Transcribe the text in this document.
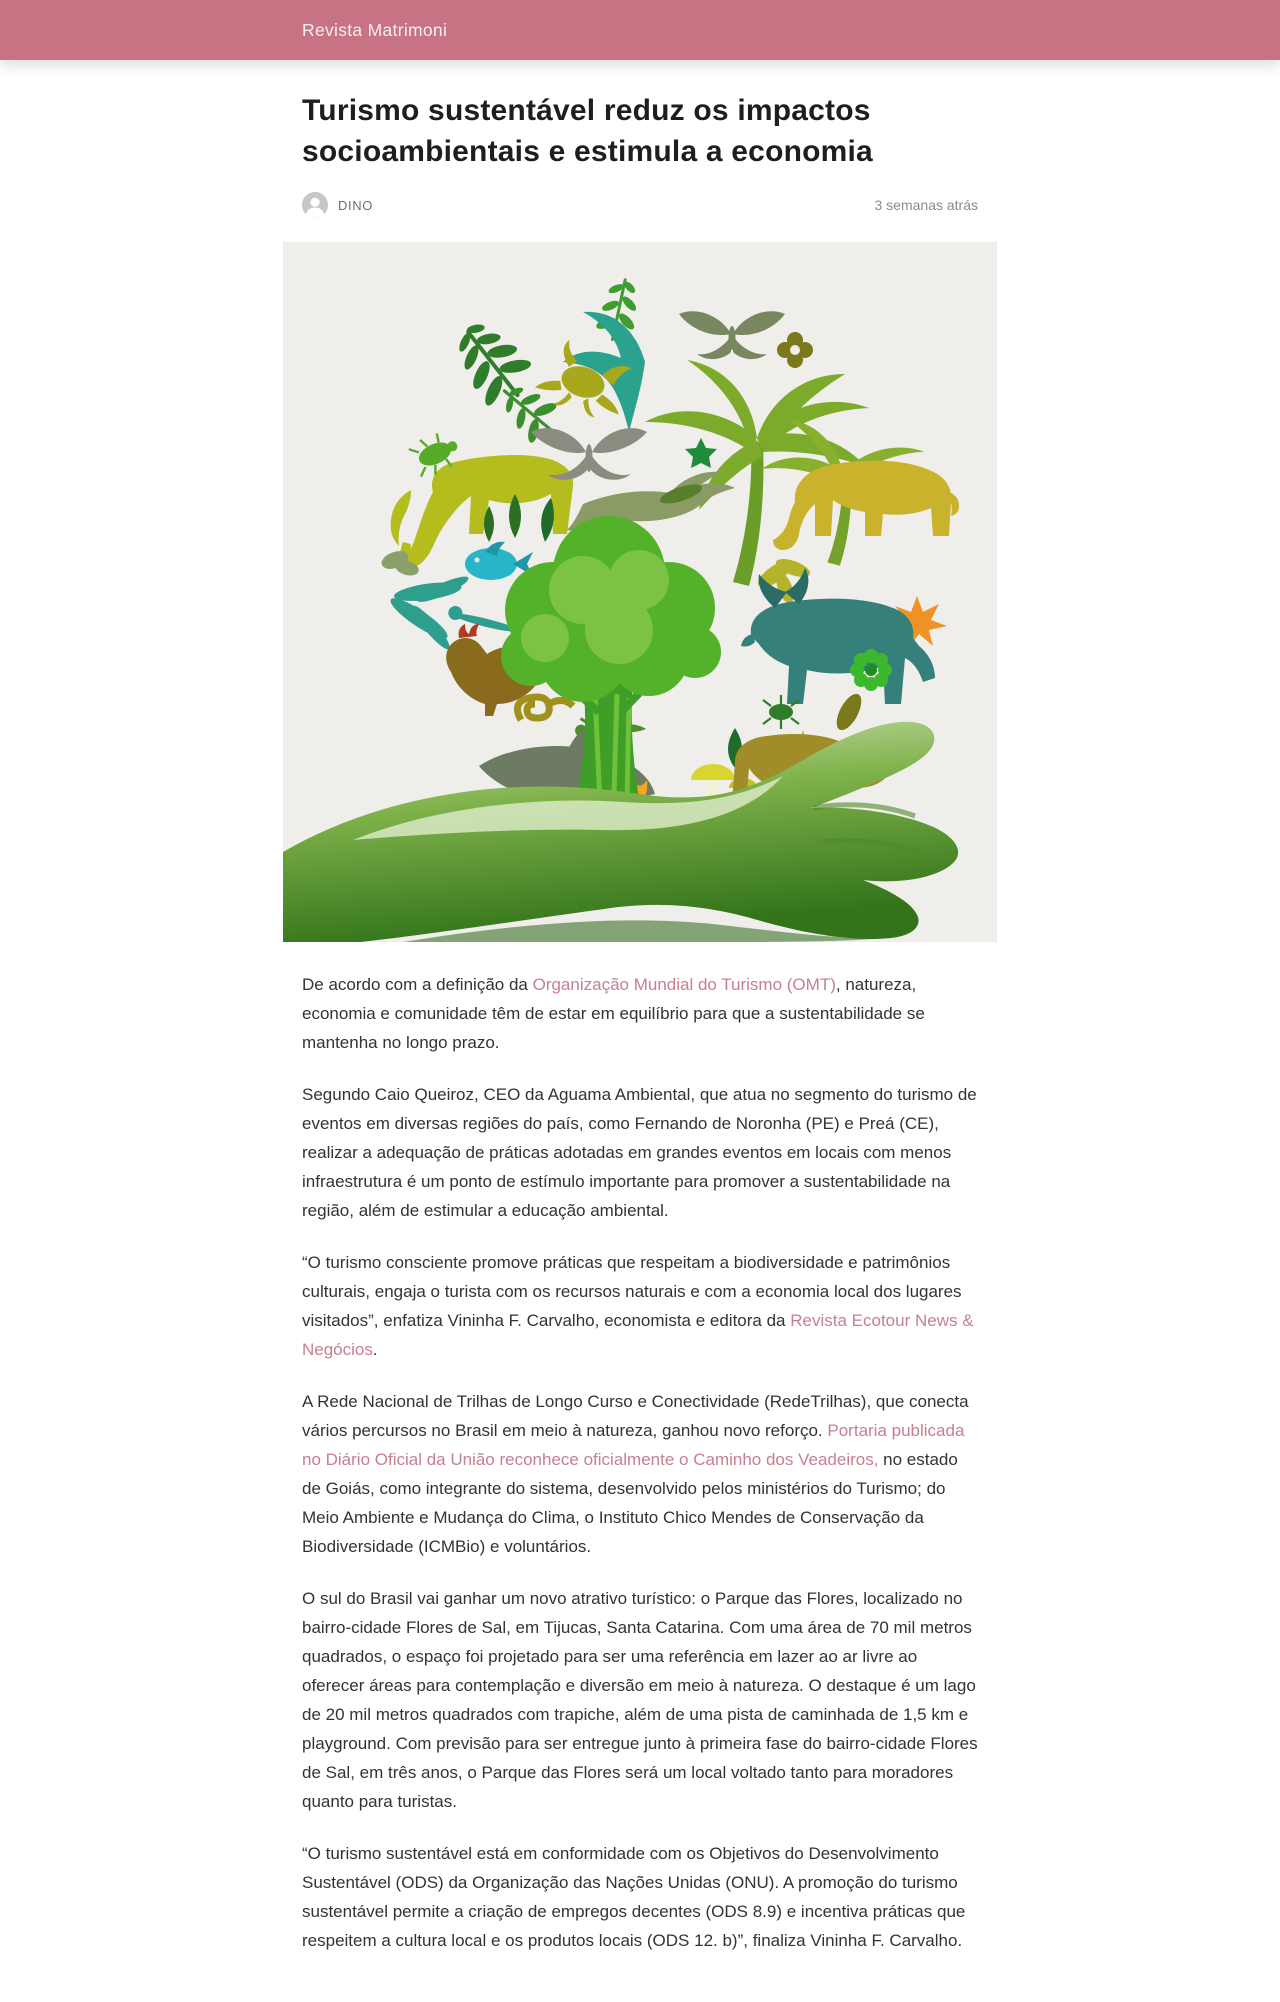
Revista Matrimoni
Turismo sustentável reduz os impactos socioambientais e estimula a economia
DINO	3 semanas atrás

De acordo com a definição da Organização Mundial do Turismo (OMT), natureza, economia e comunidade têm de estar em equilíbrio para que a sustentabilidade se mantenha no longo prazo.

Segundo Caio Queiroz, CEO da Aguama Ambiental, que atua no segmento do turismo de eventos em diversas regiões do país, como Fernando de Noronha (PE) e Preá (CE), realizar a adequação de práticas adotadas em grandes eventos em locais com menos infraestrutura é um ponto de estímulo importante para promover a sustentabilidade na região, além de estimular a educação ambiental.

“O turismo consciente promove práticas que respeitam a biodiversidade e patrimônios culturais, engaja o turista com os recursos naturais e com a economia local dos lugares visitados”, enfatiza Vininha F. Carvalho, economista e editora da Revista Ecotour News & Negócios.

A Rede Nacional de Trilhas de Longo Curso e Conectividade (RedeTrilhas), que conecta vários percursos no Brasil em meio à natureza, ganhou novo reforço. Portaria publicada no Diário Oficial da União reconhece oficialmente o Caminho dos Veadeiros, no estado de Goiás, como integrante do sistema, desenvolvido pelos ministérios do Turismo; do Meio Ambiente e Mudança do Clima, o Instituto Chico Mendes de Conservação da Biodiversidade (ICMBio) e voluntários.

O sul do Brasil vai ganhar um novo atrativo turístico: o Parque das Flores, localizado no bairro-cidade Flores de Sal, em Tijucas, Santa Catarina. Com uma área de 70 mil metros quadrados, o espaço foi projetado para ser uma referência em lazer ao ar livre ao oferecer áreas para contemplação e diversão em meio à natureza. O destaque é um lago de 20 mil metros quadrados com trapiche, além de uma pista de caminhada de 1,5 km e playground. Com previsão para ser entregue junto à primeira fase do bairro-cidade Flores de Sal, em três anos, o Parque das Flores será um local voltado tanto para moradores quanto para turistas.

“O turismo sustentável está em conformidade com os Objetivos do Desenvolvimento Sustentável (ODS) da Organização das Nações Unidas (ONU). A promoção do turismo sustentável permite a criação de empregos decentes (ODS 8.9) e incentiva práticas que respeitem a cultura local e os produtos locais (ODS 12. b)”, finaliza Vininha F. Carvalho.
